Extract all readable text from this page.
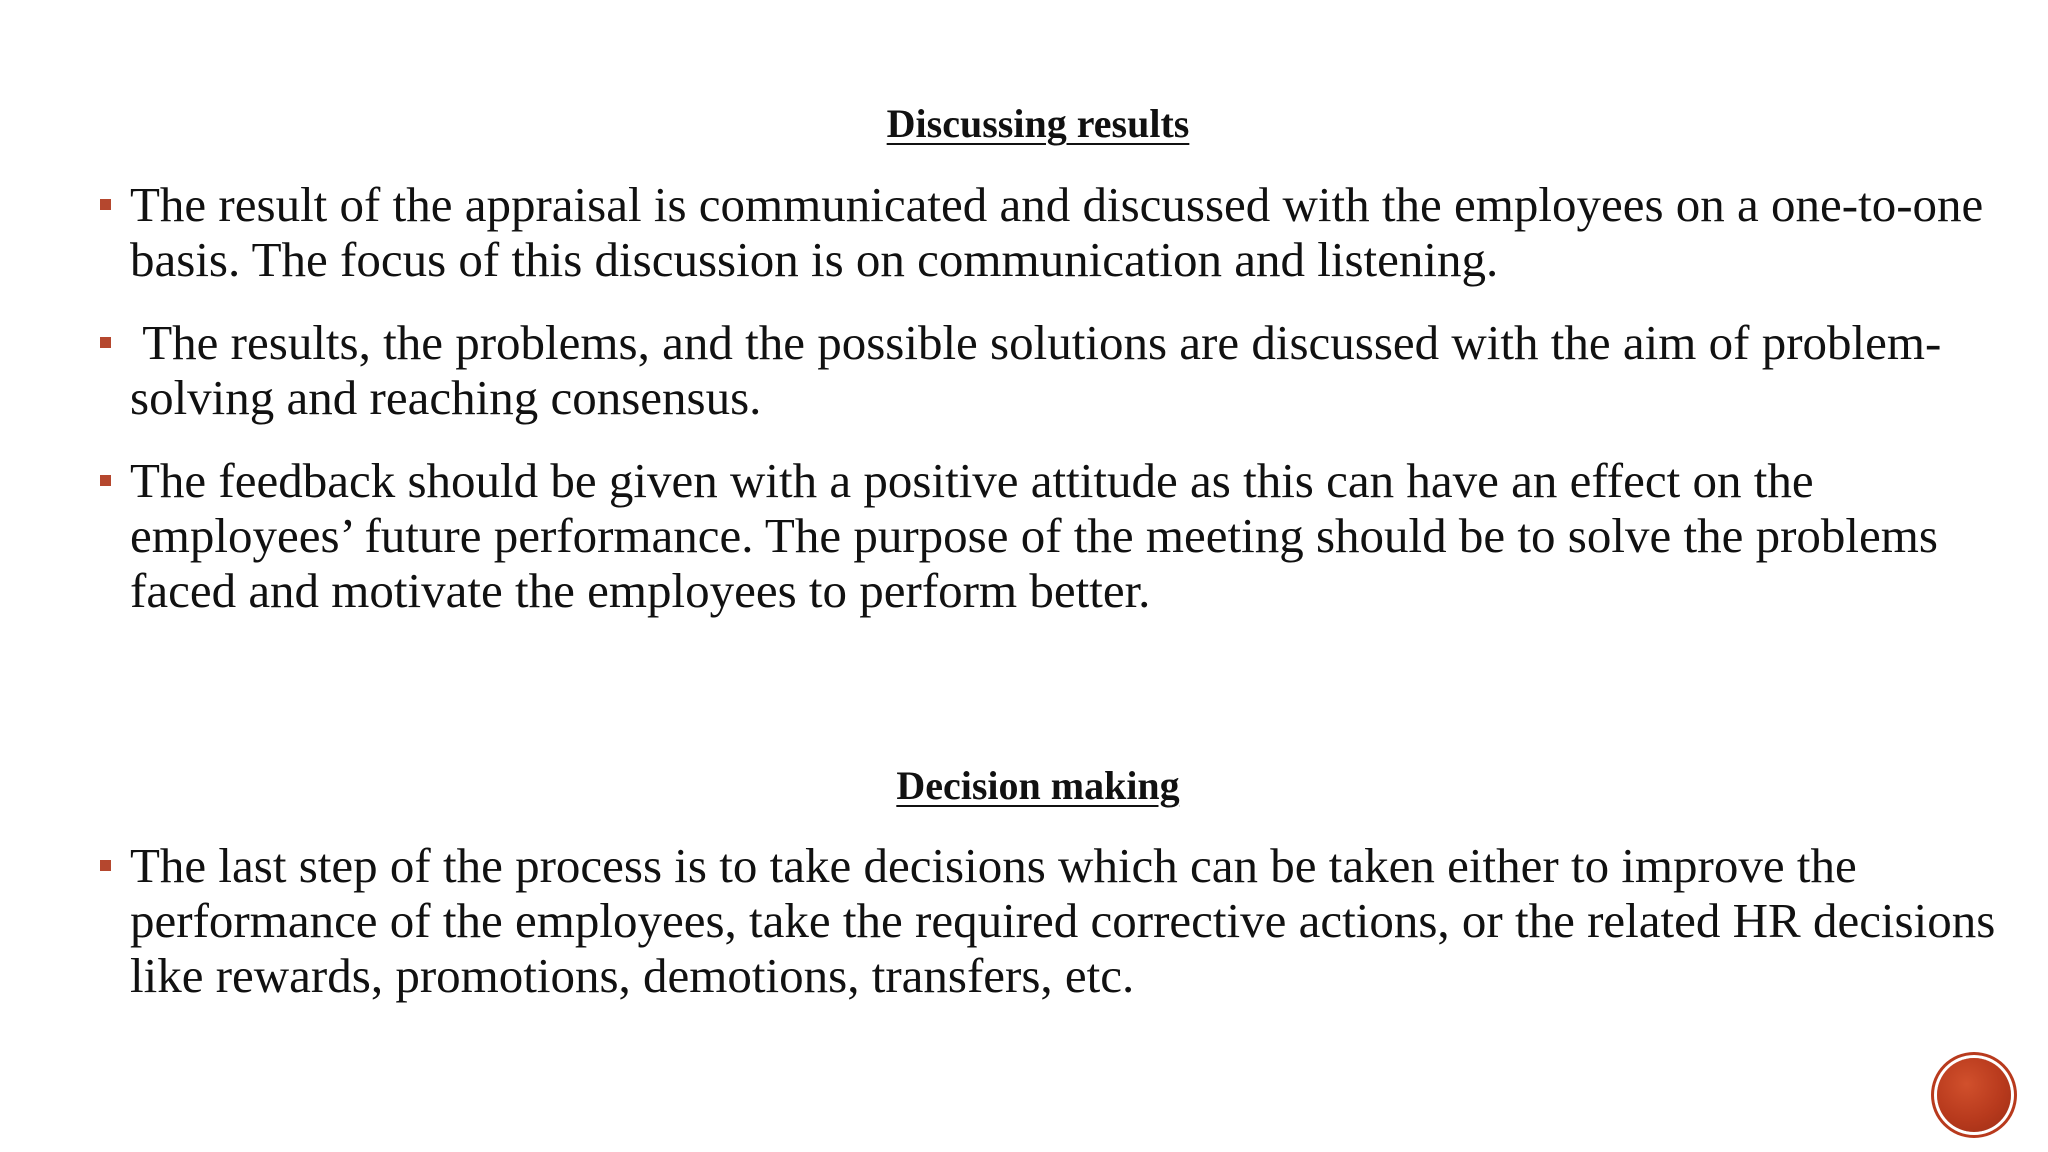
Discussing results
The result of the appraisal is communicated and discussed with the employees on a one-to-one basis. The focus of this discussion is on communication and listening.
The results, the problems, and the possible solutions are discussed with the aim of problem-solving and reaching consensus.
The feedback should be given with a positive attitude as this can have an effect on the employees’ future performance. The purpose of the meeting should be to solve the problems faced and motivate the employees to perform better.
Decision making
The last step of the process is to take decisions which can be taken either to improve the performance of the employees, take the required corrective actions, or the related HR decisions like rewards, promotions, demotions, transfers, etc.
